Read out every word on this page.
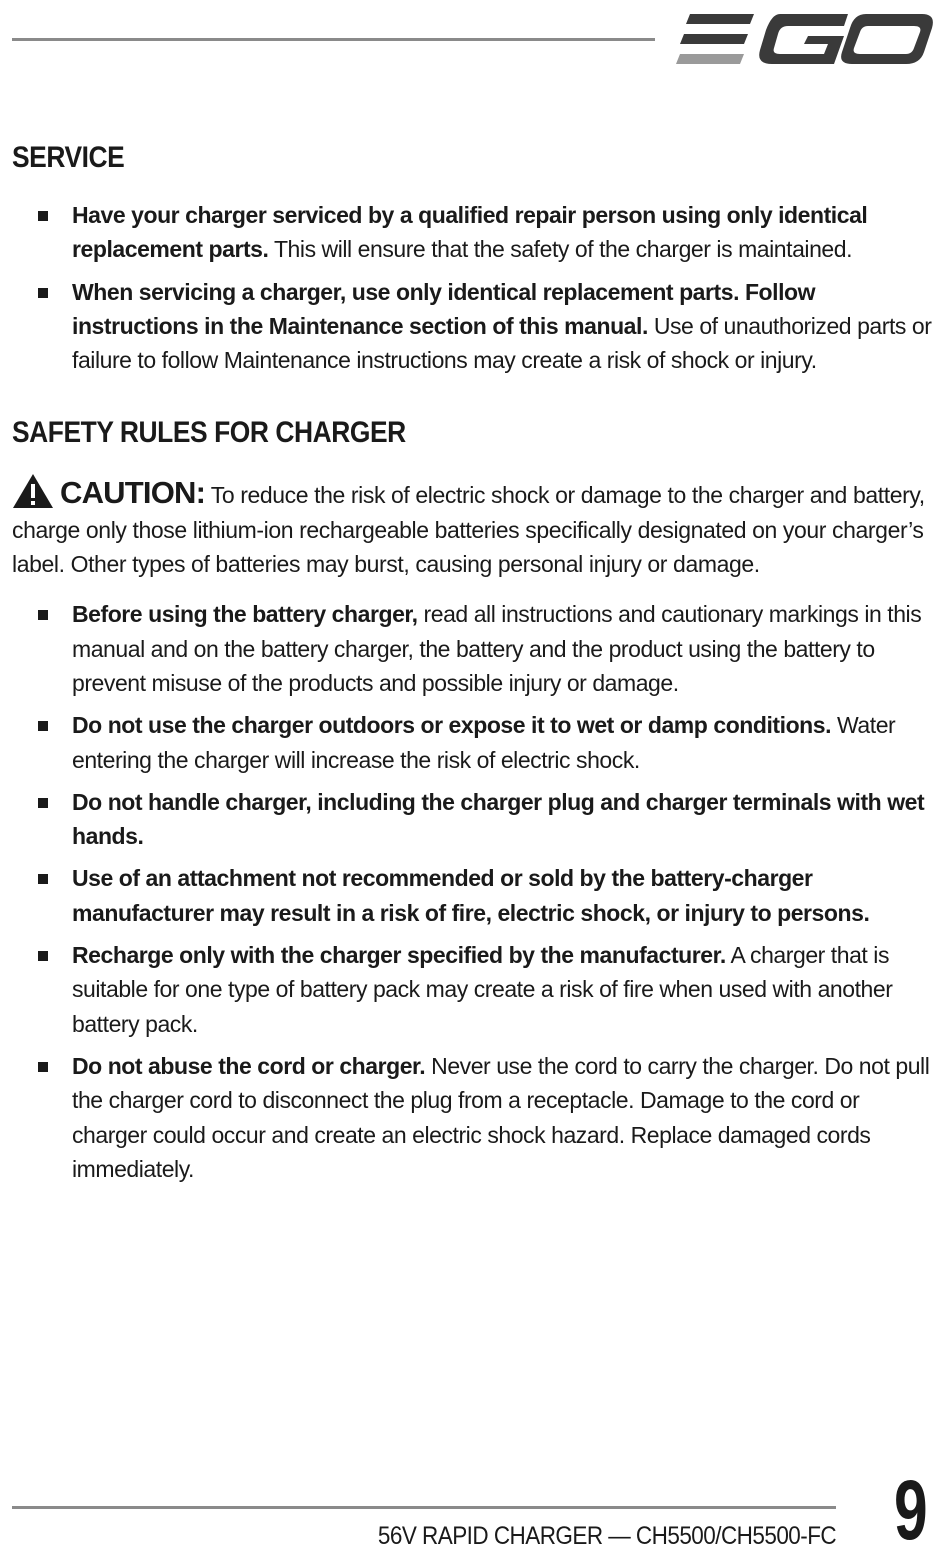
SERVICE
Have your charger serviced by a qualified repair person using only identical replacement parts. This will ensure that the safety of the charger is maintained.
When servicing a charger, use only identical replacement parts. Follow instructions in the Maintenance section of this manual. Use of unauthorized parts or failure to follow Maintenance instructions may create a risk of shock or injury.
SAFETY RULES FOR CHARGER

CAUTION: To reduce the risk of electric shock or damage to the charger and battery, charge only those lithium-ion rechargeable batteries specifically designated on your charger’s label. Other types of batteries may burst, causing personal injury or damage.

Before using the battery charger, read all instructions and cautionary markings in this manual and on the battery charger, the battery and the product using the battery to prevent misuse of the products and possible injury or damage.
Do not use the charger outdoors or expose it to wet or damp conditions. Water entering the charger will increase the risk of electric shock.
Do not handle charger, including the charger plug and charger terminals with wet hands.
Use of an attachment not recommended or sold by the battery-charger manufacturer may result in a risk of fire, electric shock, or injury to persons.
Recharge only with the charger specified by the manufacturer. A charger that is suitable for one type of battery pack may create a risk of fire when used with another battery pack.
Do not abuse the cord or charger. Never use the cord to carry the charger. Do not pull the charger cord to disconnect the plug from a receptacle. Damage to the cord or charger could occur and create an electric shock hazard. Replace damaged cords immediately.
56V RAPID CHARGER — CH5500/CH5500-FC 9
